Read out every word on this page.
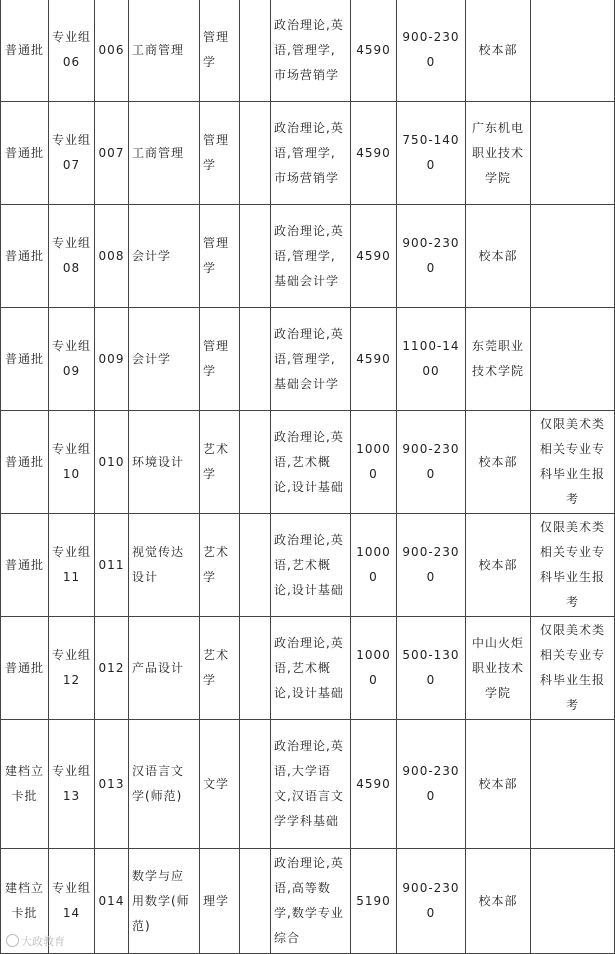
普通批	专业组06	006	工商管理	管理学		政治理论,英语,管理学,市场营销学	4590	900-2300	校本部	
普通批	专业组07	007	工商管理	管理学		政治理论,英语,管理学,市场营销学	4590	750-1400	广东机电职业技术学院	
普通批	专业组08	008	会计学	管理学		政治理论,英语,管理学,基础会计学	4590	900-2300	校本部	
普通批	专业组09	009	会计学	管理学		政治理论,英语,管理学,基础会计学	4590	1100-1400	东莞职业技术学院	
普通批	专业组10	010	环境设计	艺术学		政治理论,英语,艺术概论,设计基础	10000	900-2300	校本部	仅限美术类相关专业专科毕业生报考
普通批	专业组11	011	视觉传达设计	艺术学		政治理论,英语,艺术概论,设计基础	10000	900-2300	校本部	仅限美术类相关专业专科毕业生报考
普通批	专业组12	012	产品设计	艺术学		政治理论,英语,艺术概论,设计基础	10000	500-1300	中山火炬职业技术学院	仅限美术类相关专业专科毕业生报考
建档立卡批	专业组13	013	汉语言文学(师范)	文学		政治理论,英语,大学语文,汉语言文学学科基础	4590	900-2300	校本部	
建档立卡批	专业组14	014	数学与应用数学(师范)	理学		政治理论,英语,高等数学,数学专业综合	5190	900-2300	校本部	
大政教育
